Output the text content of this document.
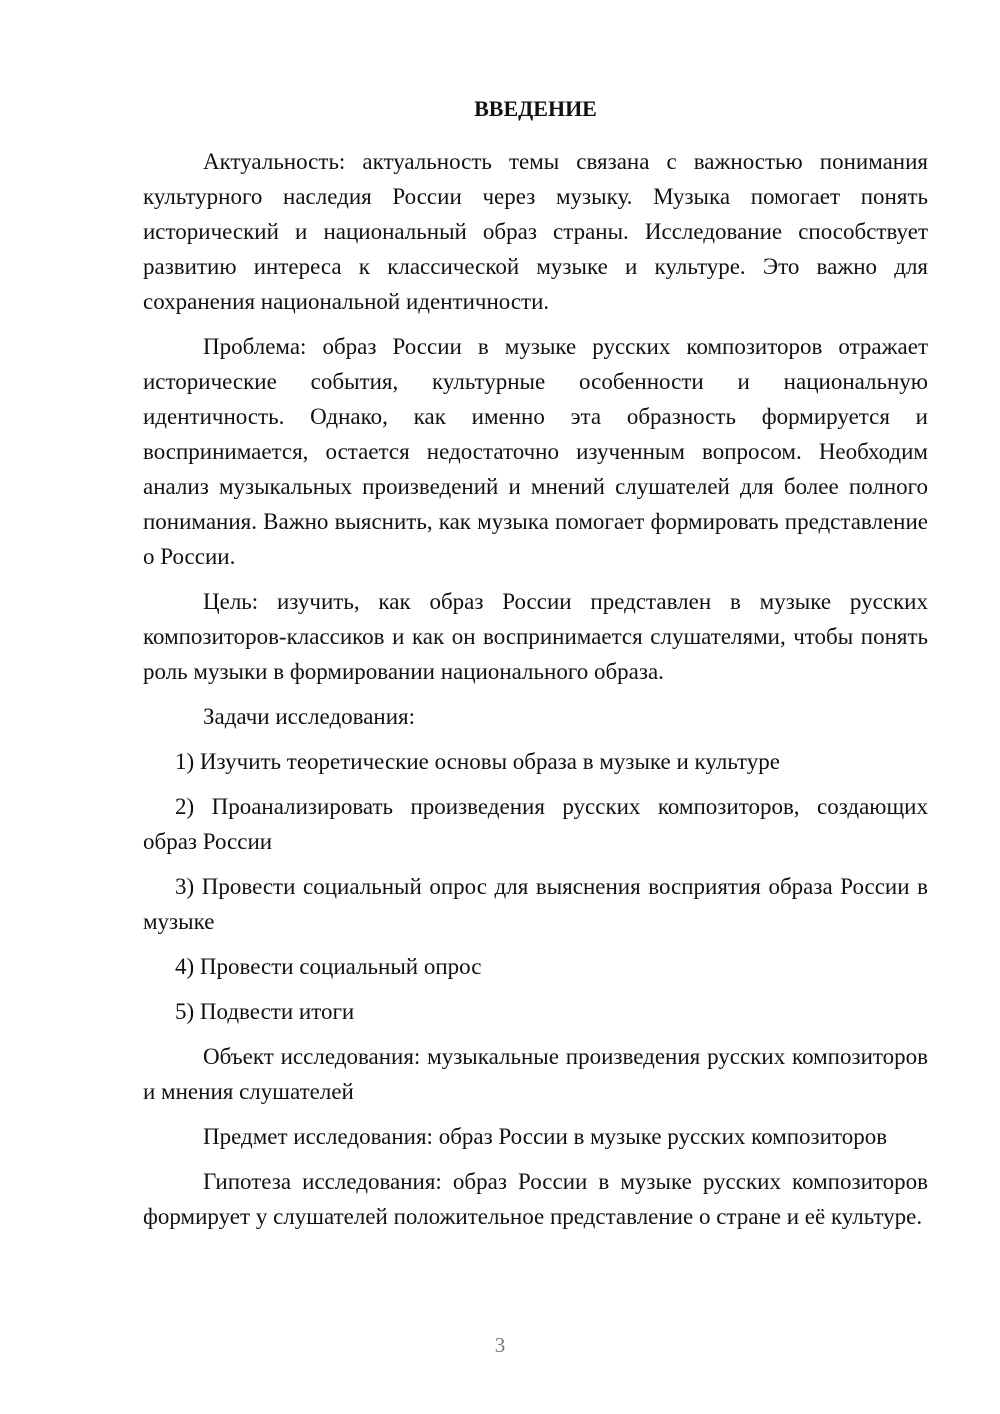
ВВЕДЕНИЕ

Актуальность: актуальность темы связана с важностью понимания культурного наследия России через музыку. Музыка помогает понять исторический и национальный образ страны. Исследование способствует развитию интереса к классической музыке и культуре. Это важно для сохранения национальной идентичности.

Проблема: образ России в музыке русских композиторов отражает исторические события, культурные особенности и национальную идентичность. Однако, как именно эта образность формируется и воспринимается, остается недостаточно изученным вопросом. Необходим анализ музыкальных произведений и мнений слушателей для более полного понимания. Важно выяснить, как музыка помогает формировать представление о России.

Цель: изучить, как образ России представлен в музыке русских композиторов-классиков и как он воспринимается слушателями, чтобы понять роль музыки в формировании национального образа.

Задачи исследования:

1) Изучить теоретические основы образа в музыке и культуре

2) Проанализировать произведения русских композиторов, создающих образ России

3) Провести социальный опрос для выяснения восприятия образа России в музыке

4) Провести социальный опрос

5) Подвести итоги

Объект исследования: музыкальные произведения русских композиторов и мнения слушателей

Предмет исследования: образ России в музыке русских композиторов

Гипотеза исследования: образ России в музыке русских композиторов формирует у слушателей положительное представление о стране и её культуре.

3
